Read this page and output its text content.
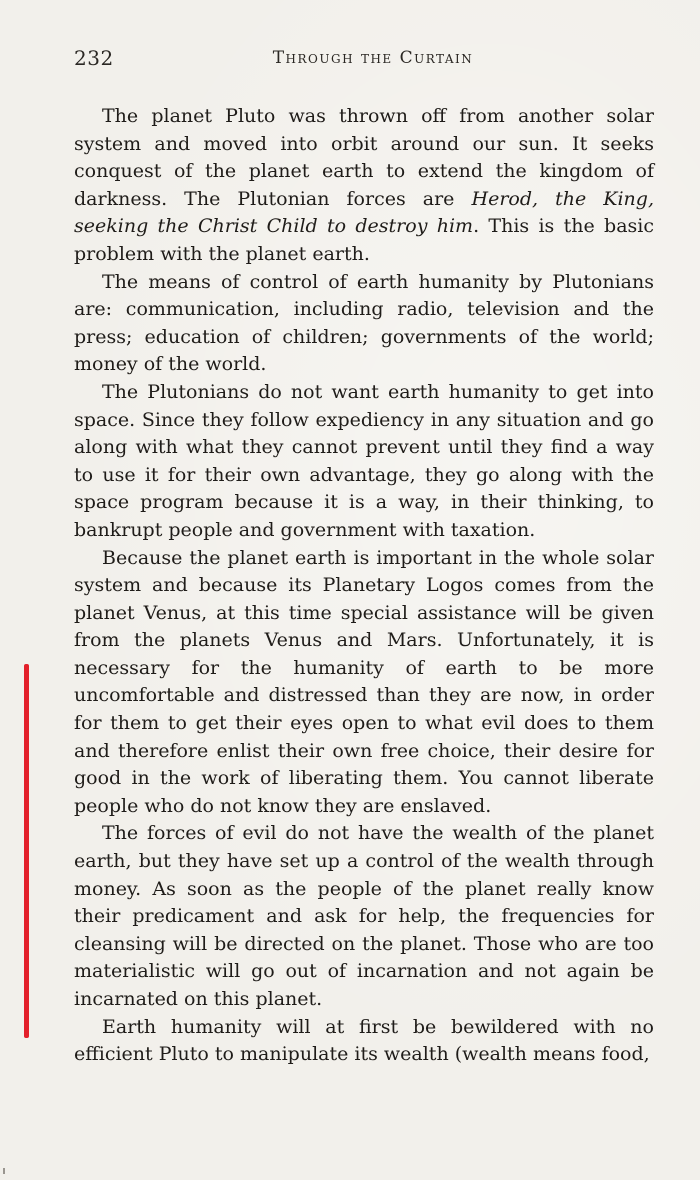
232	Through the Curtain

The planet Pluto was thrown off from another solar system and moved into orbit around our sun. It seeks conquest of the planet earth to extend the kingdom of darkness. The Plutonian forces are Herod, the King, seeking the Christ Child to destroy him. This is the basic problem with the planet earth.

The means of control of earth humanity by Plutonians are: communication, including radio, television and the press; education of children; governments of the world; money of the world.

The Plutonians do not want earth humanity to get into space. Since they follow expediency in any situation and go along with what they cannot prevent until they find a way to use it for their own advantage, they go along with the space program because it is a way, in their thinking, to bankrupt people and government with taxation.

Because the planet earth is important in the whole solar system and because its Planetary Logos comes from the planet Venus, at this time special assistance will be given from the planets Venus and Mars. Unfortunately, it is necessary for the humanity of earth to be more uncomfortable and distressed than they are now, in order for them to get their eyes open to what evil does to them and therefore enlist their own free choice, their desire for good in the work of liberating them. You cannot liberate people who do not know they are enslaved.

The forces of evil do not have the wealth of the planet earth, but they have set up a control of the wealth through money. As soon as the people of the planet really know their predicament and ask for help, the frequencies for cleansing will be directed on the planet. Those who are too materialistic will go out of incarnation and not again be incarnated on this planet.

Earth humanity will at first be bewildered with no efficient Pluto to manipulate its wealth (wealth means food,
